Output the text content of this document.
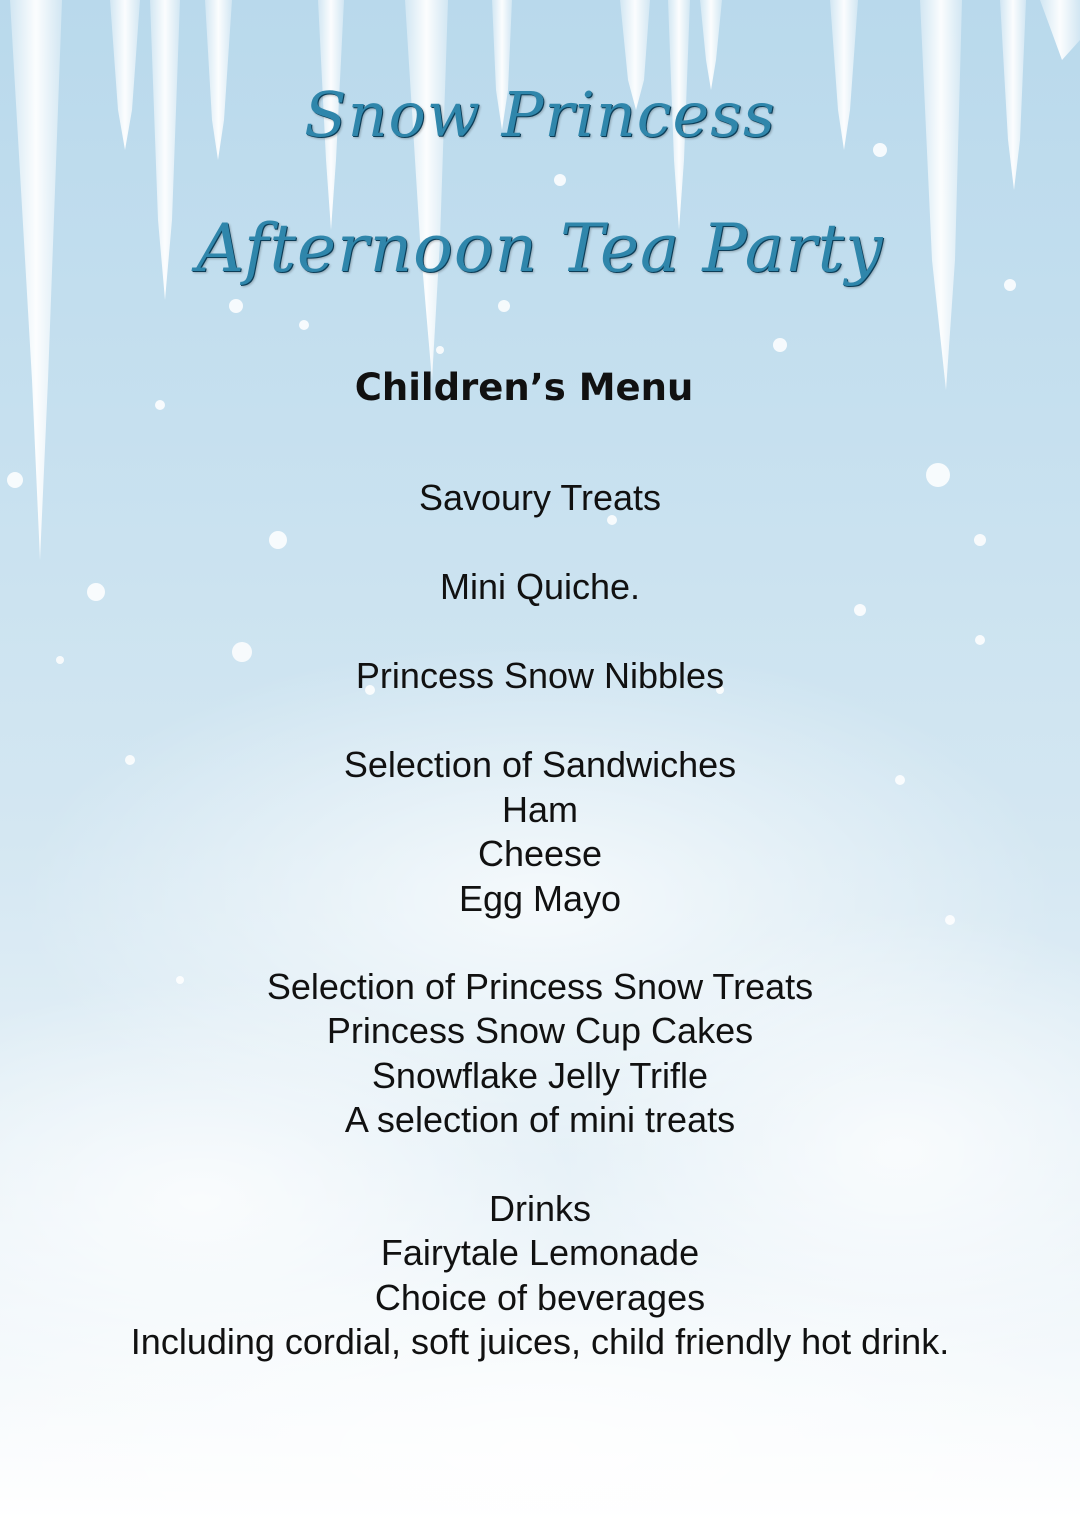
Snow Princess
Afternoon Tea Party
Children’s Menu
Savoury Treats
Mini Quiche.
Princess Snow Nibbles
Selection of Sandwiches
Ham
Cheese
Egg Mayo
Selection of Princess Snow Treats
Princess Snow Cup Cakes
Snowflake Jelly Trifle
A selection of mini treats
Drinks
Fairytale Lemonade
Choice of beverages
Including cordial, soft juices, child friendly hot drink.
